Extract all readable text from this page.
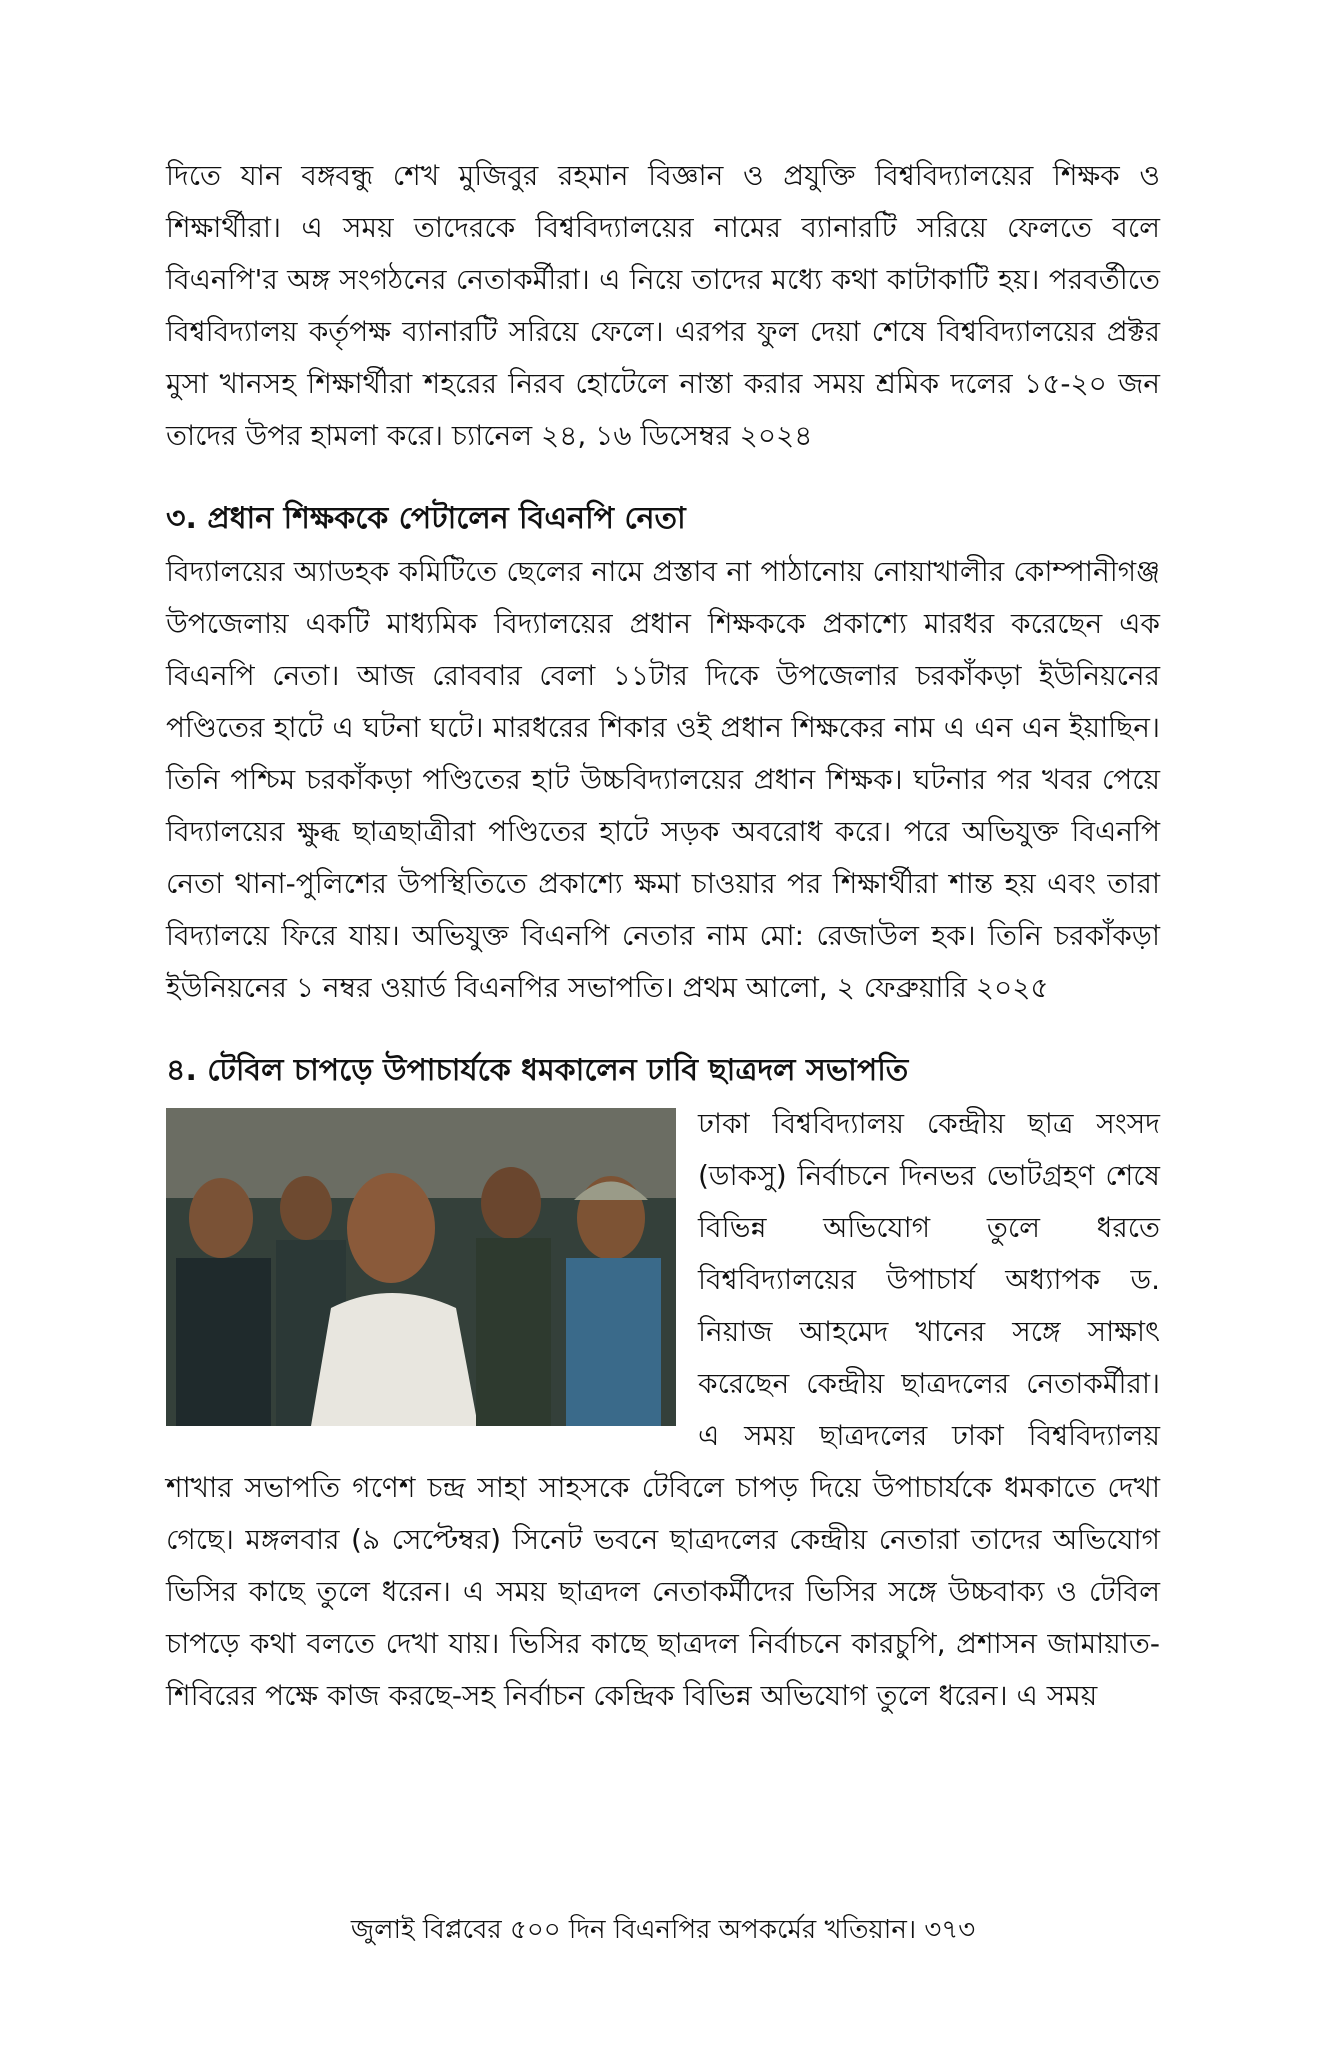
দিতে যান বঙ্গবন্ধু শেখ মুজিবুর রহমান বিজ্ঞান ও প্রযুক্তি বিশ্ববিদ্যালয়ের শিক্ষক ও শিক্ষার্থীরা। এ সময় তাদেরকে বিশ্ববিদ্যালয়ের নামের ব্যানারটি সরিয়ে ফেলতে বলে বিএনপি'র অঙ্গ সংগঠনের নেতাকর্মীরা। এ নিয়ে তাদের মধ্যে কথা কাটাকাটি হয়। পরবর্তীতে বিশ্ববিদ্যালয় কর্তৃপক্ষ ব্যানারটি সরিয়ে ফেলে। এরপর ফুল দেয়া শেষে বিশ্ববিদ্যালয়ের প্রক্টর মুসা খানসহ শিক্ষার্থীরা শহরের নিরব হোটেলে নাস্তা করার সময় শ্রমিক দলের ১৫-২০ জন তাদের উপর হামলা করে। চ্যানেল ২৪, ১৬ ডিসেম্বর ২০২৪

৩. প্রধান শিক্ষককে পেটালেন বিএনপি নেতা

বিদ্যালয়ের অ্যাডহক কমিটিতে ছেলের নামে প্রস্তাব না পাঠানোয় নোয়াখালীর কোম্পানীগঞ্জ উপজেলায় একটি মাধ্যমিক বিদ্যালয়ের প্রধান শিক্ষককে প্রকাশ্যে মারধর করেছেন এক বিএনপি নেতা। আজ রোববার বেলা ১১টার দিকে উপজেলার চরকাঁকড়া ইউনিয়নের পণ্ডিতের হাটে এ ঘটনা ঘটে। মারধরের শিকার ওই প্রধান শিক্ষকের নাম এ এন এন ইয়াছিন। তিনি পশ্চিম চরকাঁকড়া পণ্ডিতের হাট উচ্চবিদ্যালয়ের প্রধান শিক্ষক। ঘটনার পর খবর পেয়ে বিদ্যালয়ের ক্ষুব্ধ ছাত্রছাত্রীরা পণ্ডিতের হাটে সড়ক অবরোধ করে। পরে অভিযুক্ত বিএনপি নেতা থানা-পুলিশের উপস্থিতিতে প্রকাশ্যে ক্ষমা চাওয়ার পর শিক্ষার্থীরা শান্ত হয় এবং তারা বিদ্যালয়ে ফিরে যায়। অভিযুক্ত বিএনপি নেতার নাম মো: রেজাউল হক। তিনি চরকাঁকড়া ইউনিয়নের ১ নম্বর ওয়ার্ড বিএনপির সভাপতি। প্রথম আলো, ২ ফেব্রুয়ারি ২০২৫

৪. টেবিল চাপড়ে উপাচার্যকে ধমকালেন ঢাবি ছাত্রদল সভাপতি

ঢাকা বিশ্ববিদ্যালয় কেন্দ্রীয় ছাত্র সংসদ (ডাকসু) নির্বাচনে দিনভর ভোটগ্রহণ শেষে বিভিন্ন অভিযোগ তুলে ধরতে বিশ্ববিদ্যালয়ের উপাচার্য অধ্যাপক ড. নিয়াজ আহমেদ খানের সঙ্গে সাক্ষাৎ করেছেন কেন্দ্রীয় ছাত্রদলের নেতাকর্মীরা। এ সময় ছাত্রদলের ঢাকা বিশ্ববিদ্যালয় শাখার সভাপতি গণেশ চন্দ্র সাহা সাহসকে টেবিলে চাপড় দিয়ে উপাচার্যকে ধমকাতে দেখা গেছে। মঙ্গলবার (৯ সেপ্টেম্বর) সিনেট ভবনে ছাত্রদলের কেন্দ্রীয় নেতারা তাদের অভিযোগ ভিসির কাছে তুলে ধরেন। এ সময় ছাত্রদল নেতাকর্মীদের ভিসির সঙ্গে উচ্চবাক্য ও টেবিল চাপড়ে কথা বলতে দেখা যায়। ভিসির কাছে ছাত্রদল নির্বাচনে কারচুপি, প্রশাসন জামায়াত-শিবিরের পক্ষে কাজ করছে-সহ নির্বাচন কেন্দ্রিক বিভিন্ন অভিযোগ তুলে ধরেন। এ সময়

জুলাই বিপ্লবের ৫০০ দিন বিএনপির অপকর্মের খতিয়ান। ৩৭৩
